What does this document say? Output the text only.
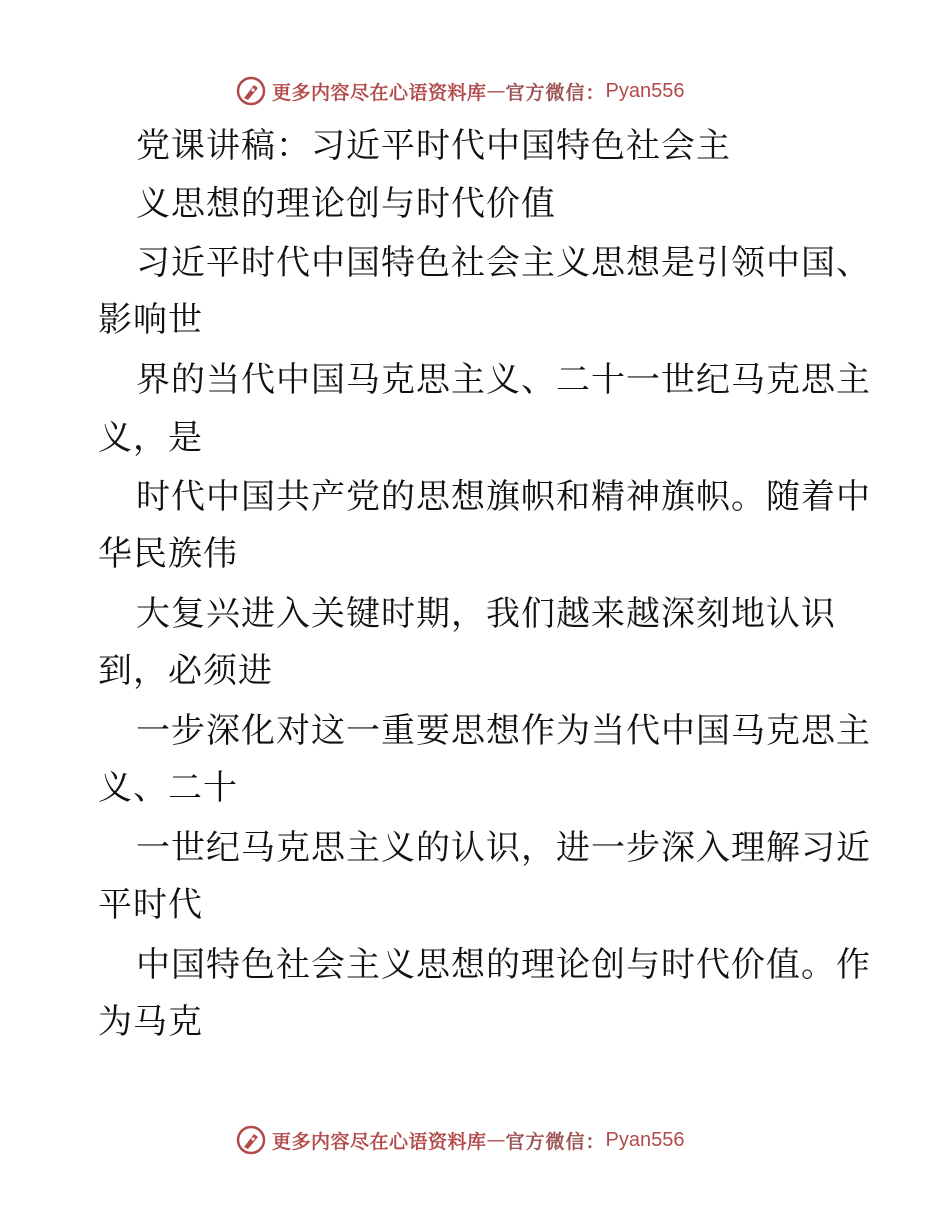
更多内容尽在心语资料库 — 官方微信： Pyan556
党课讲稿：习近平时代中国特色社会主
义思想的理论创与时代价值
习近平时代中国特色社会主义思想是引领中国、
影响世
界的当代中国马克思主义、二十一世纪马克思主
义，是
时代中国共产党的思想旗帜和精神旗帜。随着中
华民族伟
大复兴进入关键时期，我们越来越深刻地认识
到，必须进
一步深化对这一重要思想作为当代中国马克思主
义、二十
一世纪马克思主义的认识，进一步深入理解习近
平时代
中国特色社会主义思想的理论创与时代价值。作
为马克
更多内容尽在心语资料库 — 官方微信： Pyan556
